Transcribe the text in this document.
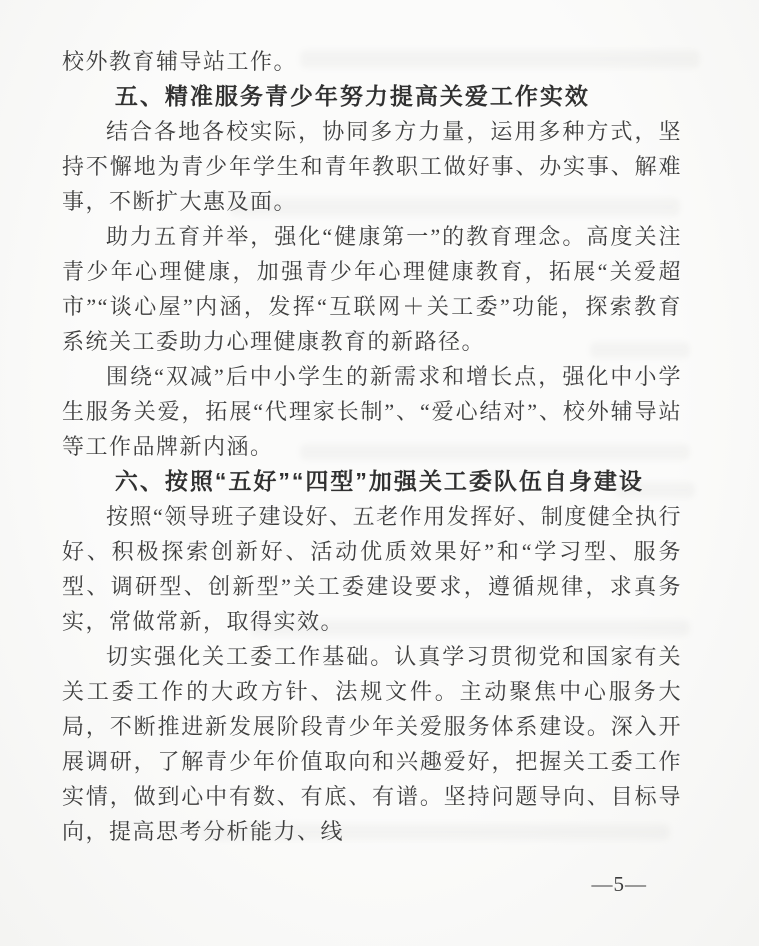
校外教育辅导站工作。

五、精准服务青少年努力提高关爱工作实效

结合各地各校实际，协同多方力量，运用多种方式，坚持不懈地为青少年学生和青年教职工做好事、办实事、解难事，不断扩大惠及面。

助力五育并举，强化“健康第一”的教育理念。高度关注青少年心理健康，加强青少年心理健康教育，拓展“关爱超市”“谈心屋”内涵，发挥“互联网＋关工委”功能，探索教育系统关工委助力心理健康教育的新路径。

围绕“双减”后中小学生的新需求和增长点，强化中小学生服务关爱，拓展“代理家长制”、“爱心结对”、校外辅导站等工作品牌新内涵。

六、按照“五好”“四型”加强关工委队伍自身建设

按照“领导班子建设好、五老作用发挥好、制度健全执行好、积极探索创新好、活动优质效果好”和“学习型、服务型、调研型、创新型”关工委建设要求，遵循规律，求真务实，常做常新，取得实效。

切实强化关工委工作基础。认真学习贯彻党和国家有关关工委工作的大政方针、法规文件。主动聚焦中心服务大局，不断推进新发展阶段青少年关爱服务体系建设。深入开展调研，了解青少年价值取向和兴趣爱好，把握关工委工作实情，做到心中有数、有底、有谱。坚持问题导向、目标导向，提高思考分析能力、线

—5—
